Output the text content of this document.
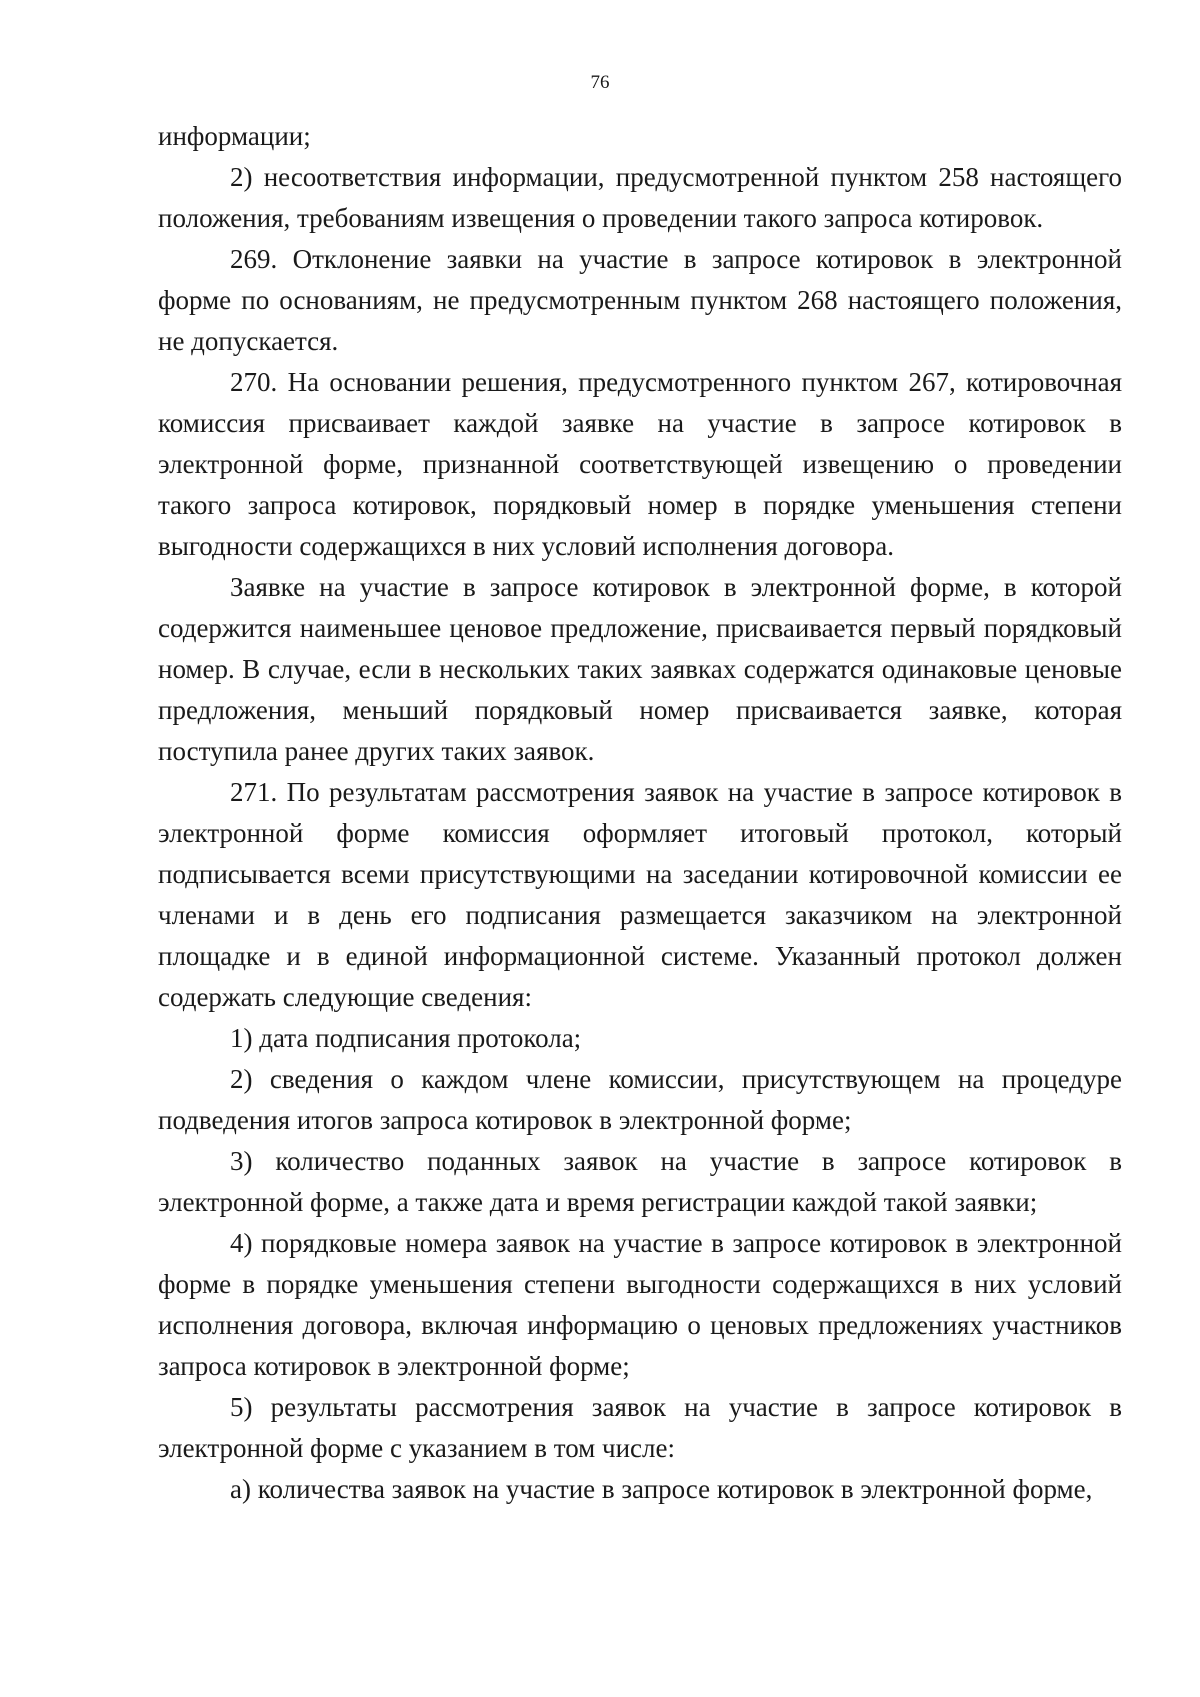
76

информации;

2) несоответствия информации, предусмотренной пунктом 258 настоящего положения, требованиям извещения о проведении такого запроса котировок.

269. Отклонение заявки на участие в запросе котировок в электронной форме по основаниям, не предусмотренным пунктом 268 настоящего положения, не допускается.

270. На основании решения, предусмотренного пунктом 267, котировочная комиссия присваивает каждой заявке на участие в запросе котировок в электронной форме, признанной соответствующей извещению о проведении такого запроса котировок, порядковый номер в порядке уменьшения степени выгодности содержащихся в них условий исполнения договора.

Заявке на участие в запросе котировок в электронной форме, в которой содержится наименьшее ценовое предложение, присваивается первый порядковый номер. В случае, если в нескольких таких заявках содержатся одинаковые ценовые предложения, меньший порядковый номер присваивается заявке, которая поступила ранее других таких заявок.

271. По результатам рассмотрения заявок на участие в запросе котировок в электронной форме комиссия оформляет итоговый протокол, который подписывается всеми присутствующими на заседании котировочной комиссии ее членами и в день его подписания размещается заказчиком на электронной площадке и в единой информационной системе. Указанный протокол должен содержать следующие сведения:

1) дата подписания протокола;

2) сведения о каждом члене комиссии, присутствующем на процедуре подведения итогов запроса котировок в электронной форме;

3) количество поданных заявок на участие в запросе котировок в электронной форме, а также дата и время регистрации каждой такой заявки;

4) порядковые номера заявок на участие в запросе котировок в электронной форме в порядке уменьшения степени выгодности содержащихся в них условий исполнения договора, включая информацию о ценовых предложениях участников запроса котировок в электронной форме;

5) результаты рассмотрения заявок на участие в запросе котировок в электронной форме с указанием в том числе:

а) количества заявок на участие в запросе котировок в электронной форме,
